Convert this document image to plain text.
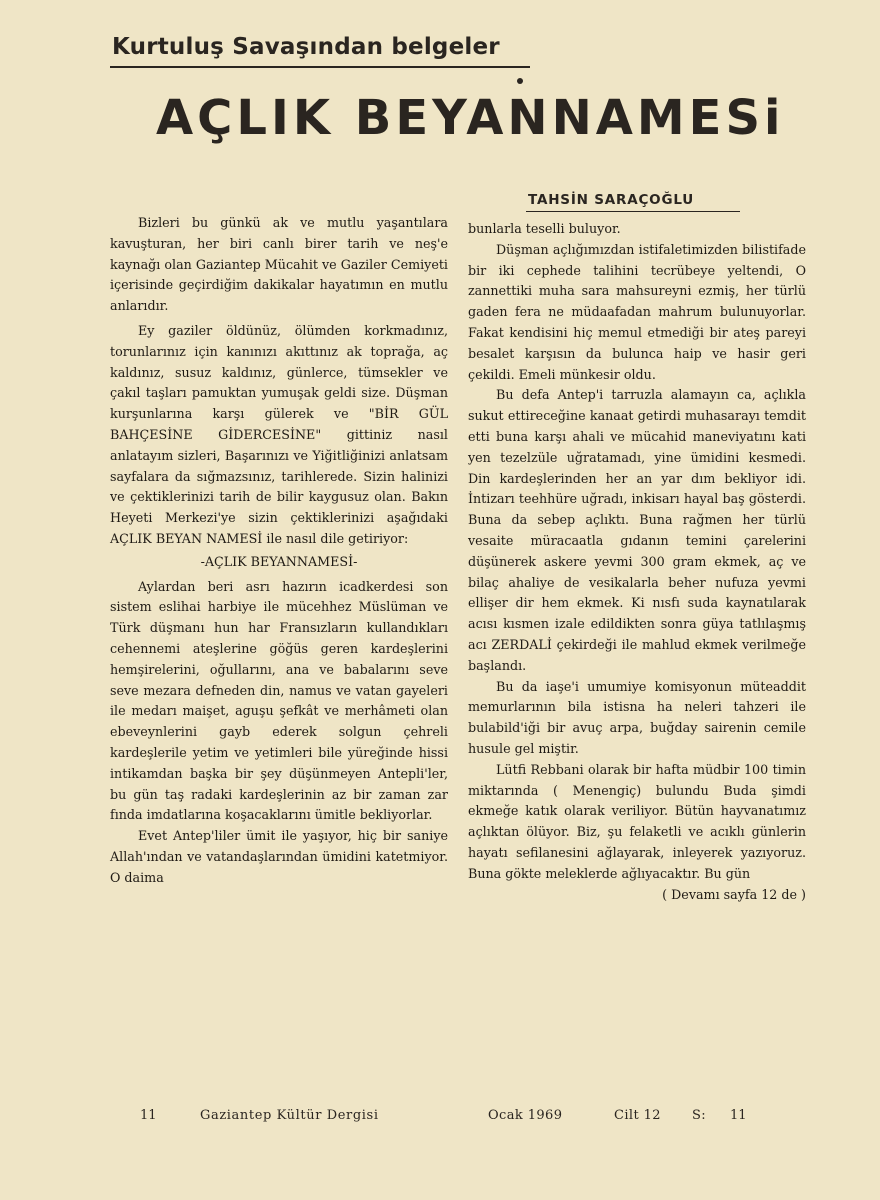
Kurtuluş Savaşından belgeler
AÇLIK BEYANNAMESi
TAHSİN SARAÇOĞLU

Bizleri bu günkü ak ve mutlu yaşantılara kavuşturan, her biri canlı birer tarih ve neş'e kaynağı olan Gaziantep Mücahit ve Gaziler Cemiyeti içerisinde geçirdiğim dakikalar hayatımın en mutlu anlarıdır.

Ey gaziler öldünüz, ölümden korkmadınız, torunlarınız için kanınızı akıttınız ak toprağa, aç kaldınız, susuz kaldınız, günlerce, tümsekler ve çakıl taşları pamuktan yumuşak geldi size. Düşman kurşunlarına karşı gülerek ve "BİR GÜL BAHÇESİNE GİDERCESİNE" gittiniz nasıl anlatayım sizleri, Başarınızı ve Yiğitliğinizi anlatsam sayfalara da sığmazsınız, tarihlerede. Sizin halinizi ve çektiklerinizi tarih de bilir kaygusuz olan. Bakın Heyeti Merkezi'ye sizin çektiklerinizi aşağıdaki AÇLIK BEYAN NAMESİ ile nasıl dile getiriyor:

-AÇLIK BEYANNAMESİ-

Aylardan beri asrı hazırın icadkerdesi son sistem eslihai harbiye ile mücehhez Müslüman ve Türk düşmanı hun har Fransızların kullandıkları cehennemi ateşlerine göğüs geren kardeşlerini hemşirelerini, oğullarını, ana ve babalarını seve seve mezara defneden din, namus ve vatan gayeleri ile medarı maişet, aguşu şefkât ve merhâmeti olan ebeveynlerini gayb ederek solgun çehreli kardeşlerile yetim ve yetimleri bile yüreğinde hissi intikamdan başka bir şey düşünmeyen Antepli'ler, bu gün taş radaki kardeşlerinin az bir zaman zar fında imdatlarına koşacaklarını ümitle bekliyorlar.

Evet Antep'liler ümit ile yaşıyor, hiç bir saniye Allah'ından ve vatandaşlarından ümidini katetmiyor. O daima

bunlarla teselli buluyor.

Düşman açlığımızdan istifaletimizden bilistifade bir iki cephede talihini tecrübeye yeltendi, O zannettiki muha sara mahsureyni ezmiş, her türlü gaden fera ne müdaafadan mahrum bulunuyorlar. Fakat kendisini hiç memul etmediği bir ateş pareyi besalet karşısın da bulunca haip ve hasir geri çekildi. Emeli münkesir oldu.

Bu defa Antep'i tarruzla alamayın ca, açlıkla sukut ettireceğine kanaat getirdi muhasarayı temdit etti buna karşı ahali ve mücahid maneviyatını kati yen tezelzüle uğratamadı, yine ümidini kesmedi. Din kardeşlerinden her an yar dım bekliyor idi. İntizarı teehhüre uğradı, inkisarı hayal baş gösterdi. Buna da sebep açlıktı. Buna rağmen her türlü vesaite müracaatla gıdanın temini çarelerini düşünerek askere yevmi 300 gram ekmek, aç ve bilaç ahaliye de vesikalarla beher nufuza yevmi ellişer dir hem ekmek. Ki nısfı suda kaynatılarak acısı kısmen izale edildikten sonra güya tatlılaşmış acı ZERDALİ çekirdeği ile mahlud ekmek verilmeğe başlandı.

Bu da iaşe'i umumiye komisyonun müteaddit memurlarının bila istisna ha neleri tahzeri ile bulabild'iği bir avuç arpa, buğday sairenin cemile husule gel miştir.

Lütfi Rebbani olarak bir hafta müdbir 100 timin miktarında ( Menengiç) bulundu Buda şimdi ekmeğe katık olarak veriliyor. Bütün hayvanatımız açlıktan ölüyor. Biz, şu felaketli ve acıklı günlerin hayatı sefilanesini ağlayarak, inleyerek yazıyoruz. Buna gökte meleklerde ağlıyacaktır. Bu gün

( Devamı sayfa 12 de )

11	Gaziantep Kültür Dergisi	Ocak 1969	Cilt 12 S: 11
